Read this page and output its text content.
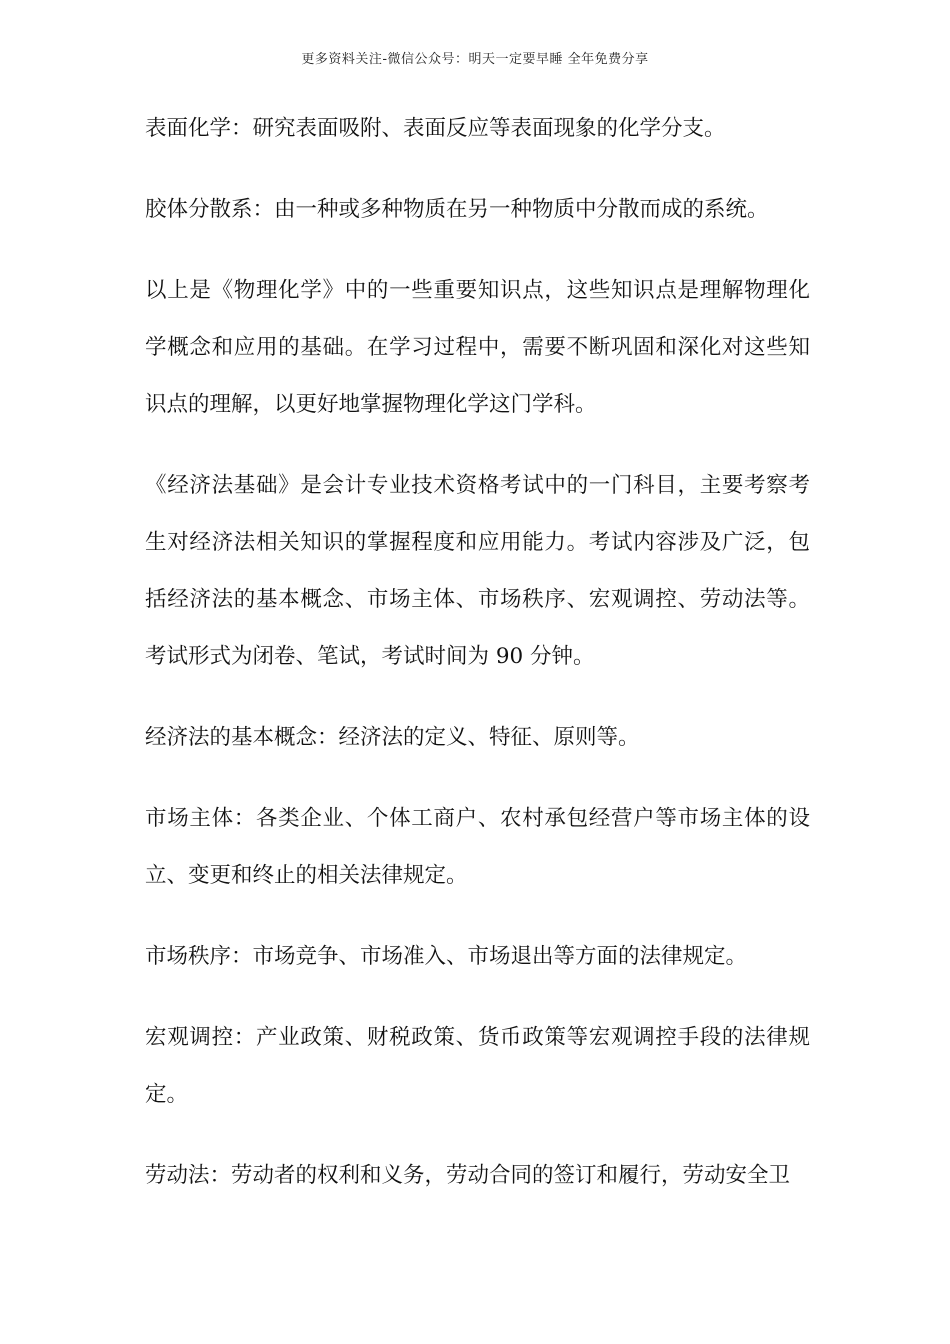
更多资料关注-微信公众号：明天一定要早睡 全年免费分享

表面化学：研究表面吸附、表面反应等表面现象的化学分支。

胶体分散系：由一种或多种物质在另一种物质中分散而成的系统。

以上是《物理化学》中的一些重要知识点，这些知识点是理解物理化学概念和应用的基础。在学习过程中，需要不断巩固和深化对这些知识点的理解，以更好地掌握物理化学这门学科。

《经济法基础》是会计专业技术资格考试中的一门科目，主要考察考生对经济法相关知识的掌握程度和应用能力。考试内容涉及广泛，包括经济法的基本概念、市场主体、市场秩序、宏观调控、劳动法等。考试形式为闭卷、笔试，考试时间为 90 分钟。

经济法的基本概念：经济法的定义、特征、原则等。

市场主体：各类企业、个体工商户、农村承包经营户等市场主体的设立、变更和终止的相关法律规定。

市场秩序：市场竞争、市场准入、市场退出等方面的法律规定。

宏观调控：产业政策、财税政策、货币政策等宏观调控手段的法律规定。

劳动法：劳动者的权利和义务，劳动合同的签订和履行，劳动安全卫
